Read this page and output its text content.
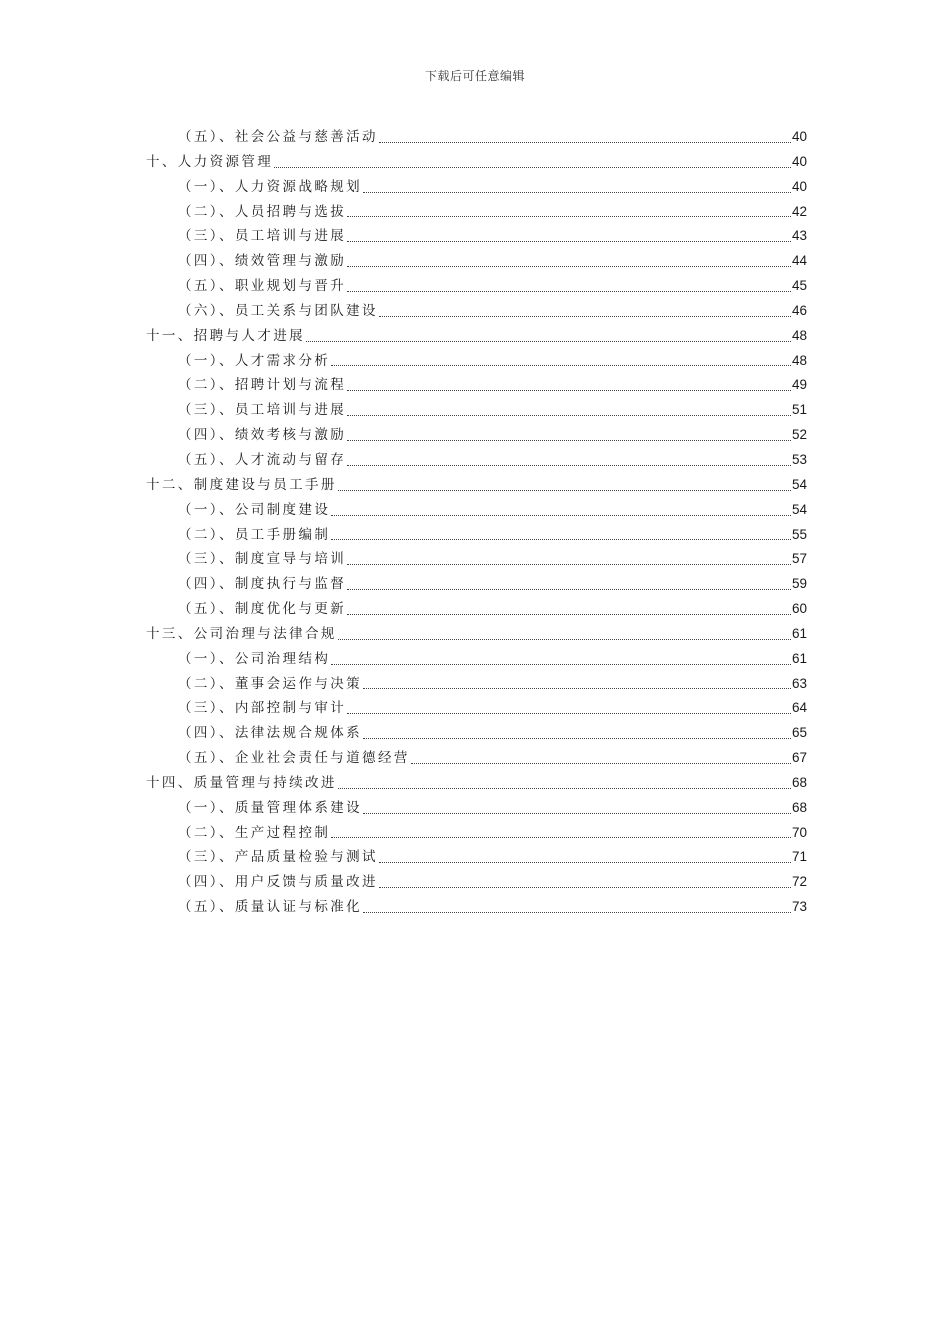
下载后可任意编辑
（五）、社会公益与慈善活动	40
十、人力资源管理	40
（一）、人力资源战略规划	40
（二）、人员招聘与选拔	42
（三）、员工培训与进展	43
（四）、绩效管理与激励	44
（五）、职业规划与晋升	45
（六）、员工关系与团队建设	46
十一、招聘与人才进展	48
（一）、人才需求分析	48
（二）、招聘计划与流程	49
（三）、员工培训与进展	51
（四）、绩效考核与激励	52
（五）、人才流动与留存	53
十二、制度建设与员工手册	54
（一）、公司制度建设	54
（二）、员工手册编制	55
（三）、制度宣导与培训	57
（四）、制度执行与监督	59
（五）、制度优化与更新	60
十三、公司治理与法律合规	61
（一）、公司治理结构	61
（二）、董事会运作与决策	63
（三）、内部控制与审计	64
（四）、法律法规合规体系	65
（五）、企业社会责任与道德经营	67
十四、质量管理与持续改进	68
（一）、质量管理体系建设	68
（二）、生产过程控制	70
（三）、产品质量检验与测试	71
（四）、用户反馈与质量改进	72
（五）、质量认证与标准化	73
